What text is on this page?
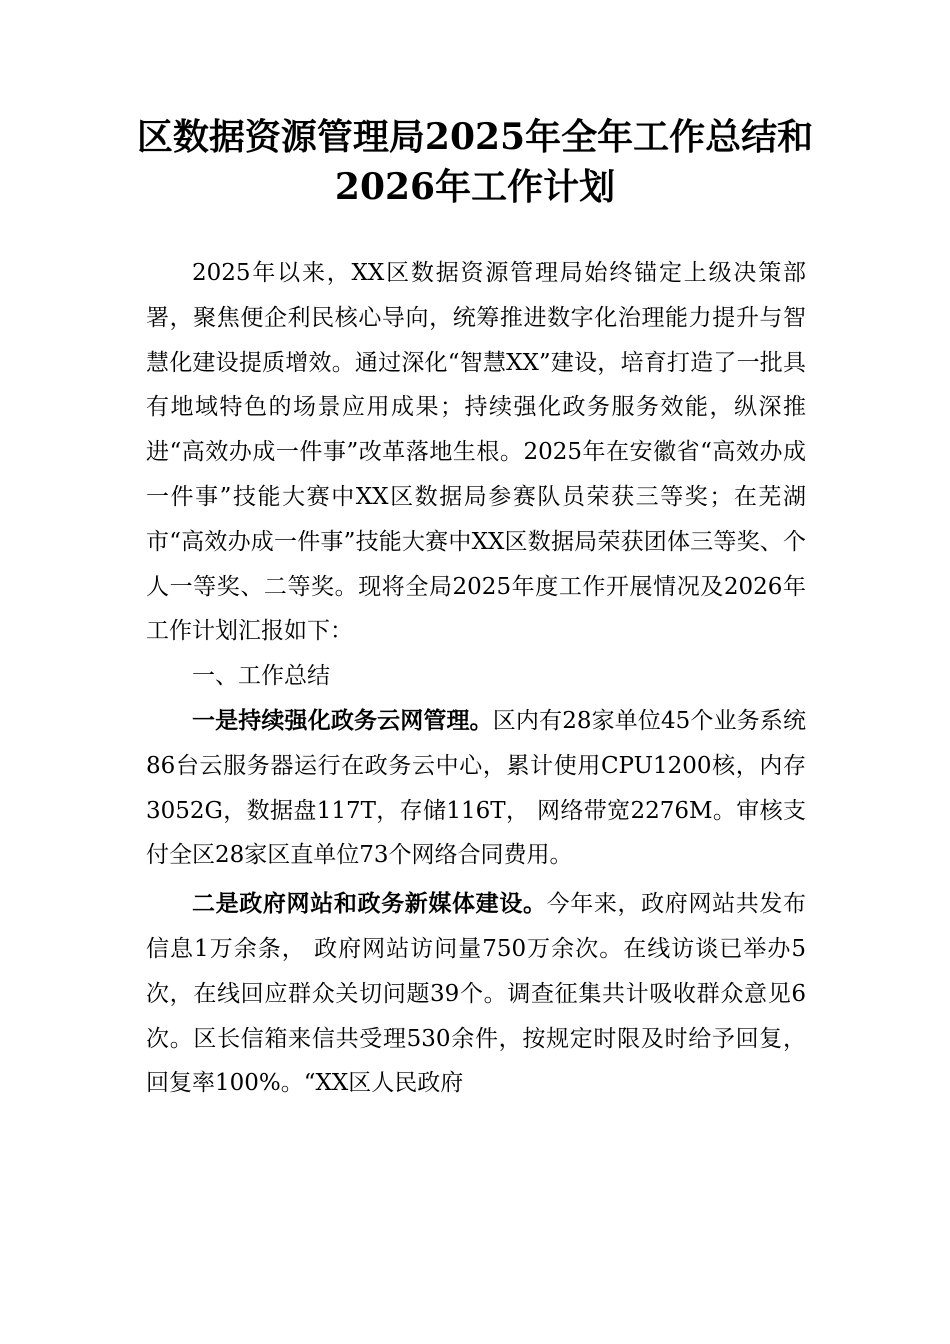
区数据资源管理局2025年全年工作总结和
2026年工作计划

2025年以来，XX区数据资源管理局始终锚定上级决策部署，聚焦便企利民核心导向，统筹推进数字化治理能力提升与智慧化建设提质增效。通过深化“智慧XX”建设，培育打造了一批具有地域特色的场景应用成果；持续强化政务服务效能，纵深推进“高效办成一件事”改革落地生根。2025年在安徽省“高效办成一件事”技能大赛中XX区数据局参赛队员荣获三等奖；在芜湖市“高效办成一件事”技能大赛中XX区数据局荣获团体三等奖、个人一等奖、二等奖。现将全局2025年度工作开展情况及2026年工作计划汇报如下：

一、工作总结

一是持续强化政务云网管理。区内有28家单位45个业务系统86台云服务器运行在政务云中心，累计使用CPU1200核，内存3052G，数据盘117T，存储116T， 网络带宽2276M。审核支付全区28家区直单位73个网络合同费用。

二是政府网站和政务新媒体建设。今年来，政府网站共发布信息1万余条， 政府网站访问量750万余次。在线访谈已举办5次，在线回应群众关切问题39个。调查征集共计吸收群众意见6次。区长信箱来信共受理530余件，按规定时限及时给予回复，回复率100%。“XX区人民政府
